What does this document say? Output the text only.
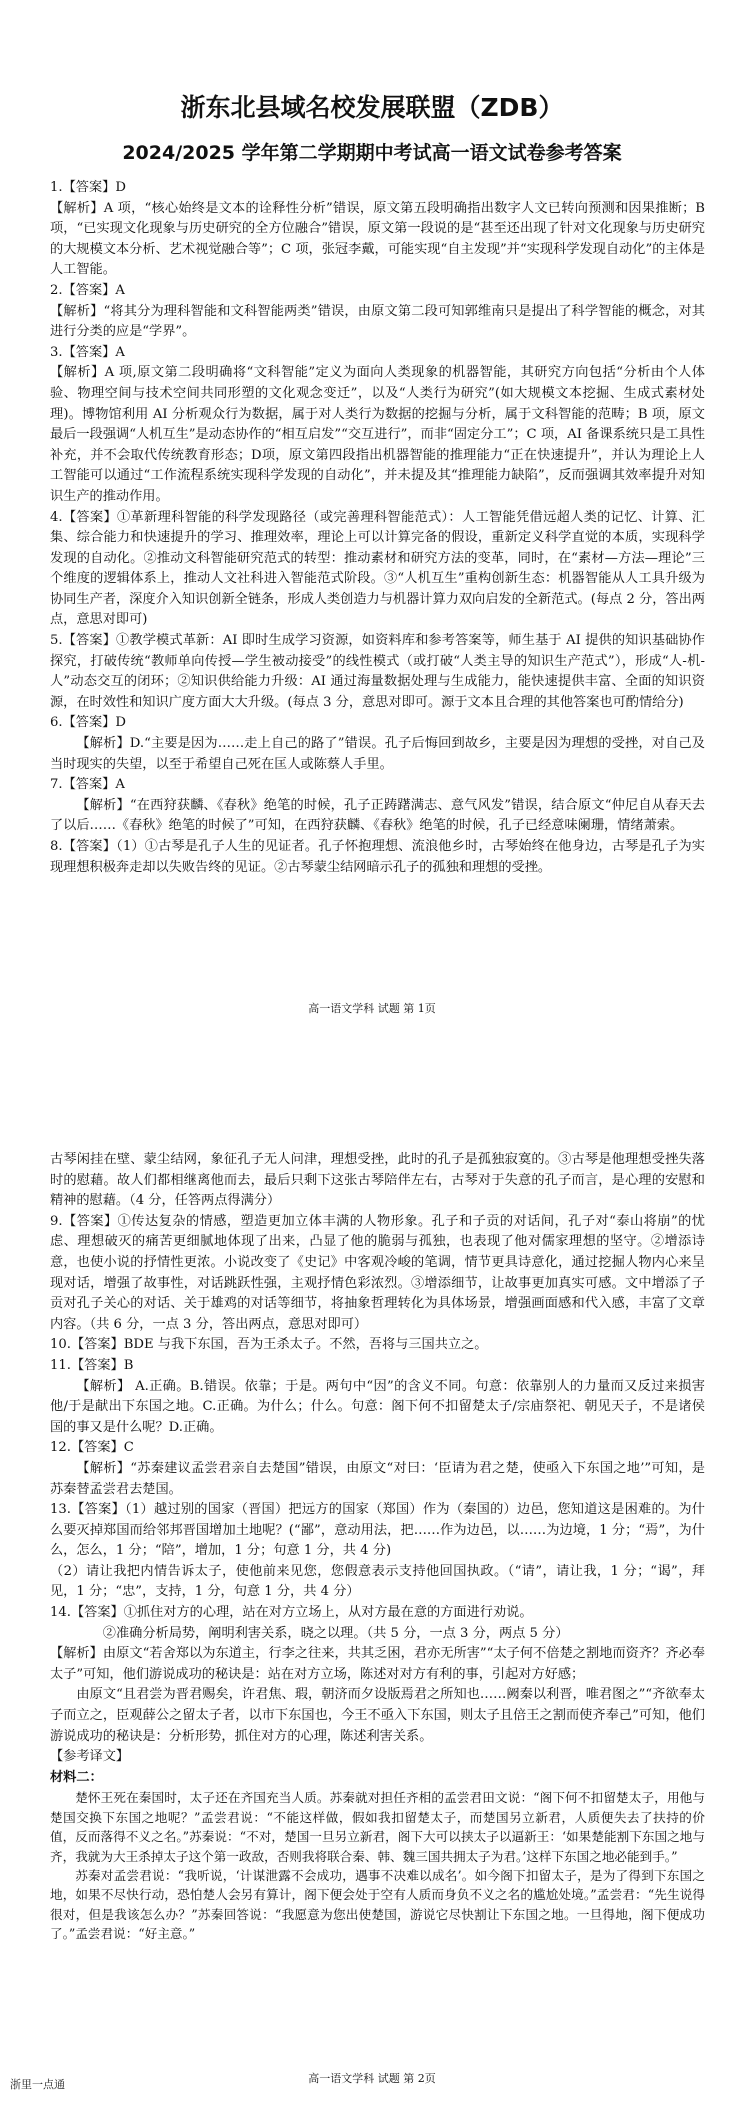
浙东北县域名校发展联盟（ZDB）
2024/2025 学年第二学期期中考试高一语文试卷参考答案

1.【答案】D

【解析】A 项，“核心始终是文本的诠释性分析”错误，原文第五段明确指出数字人文已转向预测和因果推断；B 项，“已实现文化现象与历史研究的全方位融合”错误，原文第一段说的是“甚至还出现了针对文化现象与历史研究的大规模文本分析、艺术视觉融合等”；C 项，张冠李戴，可能实现“自主发现”并“实现科学发现自动化”的主体是人工智能。

2.【答案】A

【解析】“将其分为理科智能和文科智能两类”错误，由原文第二段可知郭维南只是提出了科学智能的概念，对其进行分类的应是“学界”。

3.【答案】A

【解析】A 项,原文第二段明确将“文科智能”定义为面向人类现象的机器智能，其研究方向包括“分析由个人体验、物理空间与技术空间共同形塑的文化观念变迁”，以及“人类行为研究”(如大规模文本挖掘、生成式素材处理)。博物馆利用 AI 分析观众行为数据，属于对人类行为数据的挖掘与分析，属于文科智能的范畴；B 项，原文最后一段强调“人机互生”是动态协作的“相互启发”“交互进行”，而非“固定分工”；C 项，AI 备课系统只是工具性补充，并不会取代传统教育形态；D项，原文第四段指出机器智能的推理能力“正在快速提升”，并认为理论上人工智能可以通过“工作流程系统实现科学发现的自动化”，并未提及其“推理能力缺陷”，反而强调其效率提升对知识生产的推动作用。

4.【答案】①革新理科智能的科学发现路径（或完善理科智能范式）：人工智能凭借远超人类的记忆、计算、汇集、综合能力和快速提升的学习、推理效率，理论上可以计算完备的假设，重新定义科学直觉的本质，实现科学发现的自动化。②推动文科智能研究范式的转型：推动素材和研究方法的变革，同时，在“素材—方法—理论”三个维度的逻辑体系上，推动人文社科进入智能范式阶段。③“人机互生”重构创新生态：机器智能从人工具升级为协同生产者，深度介入知识创新全链条，形成人类创造力与机器计算力双向启发的全新范式。(每点 2 分，答出两点，意思对即可)

5.【答案】①教学模式革新：AI 即时生成学习资源，如资料库和参考答案等，师生基于 AI 提供的知识基础协作探究，打破传统“教师单向传授—学生被动接受”的线性模式（或打破“人类主导的知识生产范式”），形成“人-机-人”动态交互的闭环；②知识供给能力升级：AI 通过海量数据处理与生成能力，能快速提供丰富、全面的知识资源，在时效性和知识广度方面大大升级。(每点 3 分，意思对即可。源于文本且合理的其他答案也可酌情给分)

6.【答案】D

【解析】D.“主要是因为……走上自己的路了”错误。孔子后悔回到故乡，主要是因为理想的受挫，对自己及当时现实的失望，以至于希望自己死在匡人或陈蔡人手里。

7.【答案】A

【解析】“在西狩获麟、《春秋》绝笔的时候，孔子正踌躇满志、意气风发”错误，结合原文“仲尼自从春天去了以后……《春秋》绝笔的时候了”可知，在西狩获麟、《春秋》绝笔的时候，孔子已经意味阑珊，情绪萧索。

8.【答案】（1）①古琴是孔子人生的见证者。孔子怀抱理想、流浪他乡时，古琴始终在他身边，古琴是孔子为实现理想积极奔走却以失败告终的见证。②古琴蒙尘结网暗示孔子的孤独和理想的受挫。

高一语文学科 试题 第 1页

古琴闲挂在壁、蒙尘结网，象征孔子无人问津，理想受挫，此时的孔子是孤独寂寞的。③古琴是他理想受挫失落时的慰藉。故人们都相继离他而去，最后只剩下这张古琴陪伴左右，古琴对于失意的孔子而言，是心理的安慰和精神的慰藉。（4 分，任答两点得满分）

9.【答案】①传达复杂的情感，塑造更加立体丰满的人物形象。孔子和子贡的对话间，孔子对“泰山将崩”的忧虑、理想破灭的痛苦更细腻地体现了出来，凸显了他的脆弱与孤独，也表现了他对儒家理想的坚守。②增添诗意，也使小说的抒情性更浓。小说改变了《史记》中客观冷峻的笔调，情节更具诗意化，通过挖掘人物内心来呈现对话，增强了故事性，对话跳跃性强，主观抒情色彩浓烈。③增添细节，让故事更加真实可感。文中增添了子贡对孔子关心的对话、关于雄鸡的对话等细节，将抽象哲理转化为具体场景，增强画面感和代入感，丰富了文章内容。（共 6 分，一点 3 分，答出两点，意思对即可）

10.【答案】BDE 与我下东国，吾为王杀太子。不然，吾将与三国共立之。

11.【答案】B

【解析】 A.正确。B.错误。依靠；于是。两句中“因”的含义不同。句意：依靠别人的力量而又反过来损害他/于是献出下东国之地。C.正确。为什么；什么。句意：阁下何不扣留楚太子/宗庙祭祀、朝见天子，不是诸侯国的事又是什么呢？D.正确。

12.【答案】C

【解析】“苏秦建议孟尝君亲自去楚国”错误，由原文“对曰：‘臣请为君之楚，使亟入下东国之地’”可知，是苏秦替孟尝君去楚国。

13.【答案】（1）越过别的国家（晋国）把远方的国家（郑国）作为（秦国的）边邑，您知道这是困难的。为什么要灭掉郑国而给邻邦晋国增加土地呢？(“鄙”，意动用法，把……作为边邑，以……为边境，1 分；“焉”，为什么，怎么，1 分；“陪”，增加，1 分；句意 1 分，共 4 分)

（2）请让我把内情告诉太子，使他前来见您，您假意表示支持他回国执政。（“请”，请让我，1 分；“谒”，拜见，1 分；“忠”，支持，1 分，句意 1 分，共 4 分）

14.【答案】①抓住对方的心理，站在对方立场上，从对方最在意的方面进行劝说。

②准确分析局势，阐明利害关系，晓之以理。（共 5 分，一点 3 分，两点 5 分）

【解析】由原文“若舍郑以为东道主，行李之往来，共其乏困，君亦无所害”“太子何不倍楚之割地而资齐？齐必奉太子”可知，他们游说成功的秘诀是：站在对方立场，陈述对对方有利的事，引起对方好感；

由原文“且君尝为晋君赐矣，许君焦、瑕，朝济而夕设版焉君之所知也……阙秦以利晋，唯君图之”“齐欲奉太子而立之，臣观薛公之留太子者，以市下东国也，今王不亟入下东国，则太子且倍王之割而使齐奉己”可知，他们游说成功的秘诀是：分析形势，抓住对方的心理，陈述利害关系。

【参考译文】

材料二：

楚怀王死在秦国时，太子还在齐国充当人质。苏秦就对担任齐相的孟尝君田文说：“阁下何不扣留楚太子，用他与楚国交换下东国之地呢？”孟尝君说：“不能这样做，假如我扣留楚太子，而楚国另立新君，人质便失去了扶持的价值，反而落得不义之名。”苏秦说：“不对，楚国一旦另立新君，阁下大可以挟太子以逼新王：‘如果楚能割下东国之地与齐，我就为大王杀掉太子这个第一政敌，否则我将联合秦、韩、魏三国共拥太子为君。’这样下东国之地必能到手。”

苏秦对孟尝君说：“我听说，‘计谋泄露不会成功，遇事不决难以成名’。如今阁下扣留太子，是为了得到下东国之地，如果不尽快行动，恐怕楚人会另有算计，阁下便会处于空有人质而身负不义之名的尴尬处境。”孟尝君：“先生说得很对，但是我该怎么办？”苏秦回答说：“我愿意为您出使楚国，游说它尽快割让下东国之地。一旦得地，阁下便成功了。”孟尝君说：“好主意。”

高一语文学科 试题 第 2页
浙里一点通
